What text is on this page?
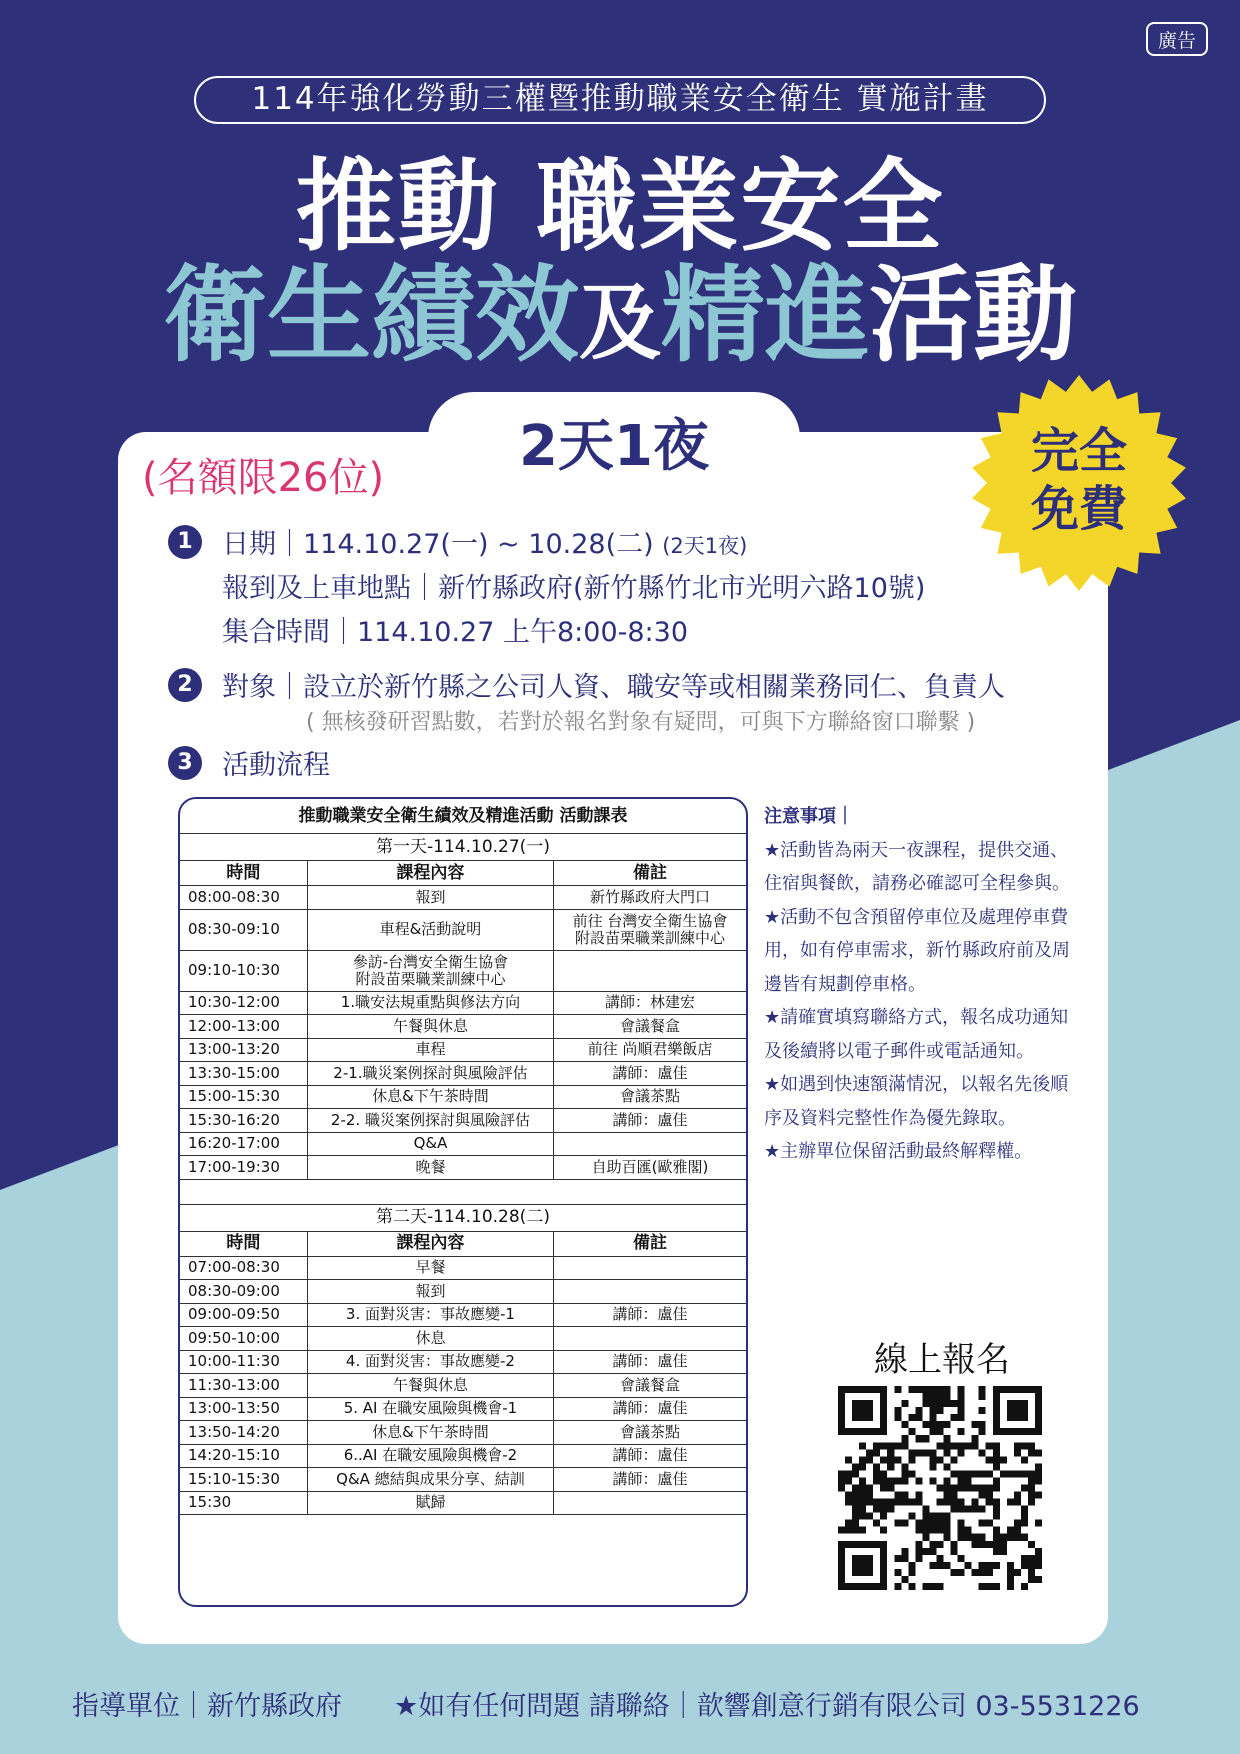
廣告
114年強化勞動三權暨推動職業安全衛生 實施計畫
推動 職業安全
衛生績效及精進活動
2天1夜
(名額限26位)	完全
免費
1	日期｜114.10.27(一) ~ 10.28(二) (2天1夜)
報到及上車地點｜新竹縣政府(新竹縣竹北市光明六路10號)
集合時間｜114.10.27 上午8:00-8:30
2	對象｜設立於新竹縣之公司人資、職安等或相關業務同仁、負責人
( 無核發研習點數，若對於報名對象有疑問，可與下方聯絡窗口聯繫 )
3	活動流程
推動職業安全衛生績效及精進活動 活動課表		
第一天-114.10.27(一)		
時間	課程內容	備註
08:00-08:30	報到	新竹縣政府大門口
08:30-09:10	車程&活動說明	前往 台灣安全衛生協會
附設苗栗職業訓練中心
09:10-10:30	參訪-台灣安全衛生協會
附設苗栗職業訓練中心	
10:30-12:00	1.職安法規重點與修法方向	講師：林建宏
12:00-13:00	午餐與休息	會議餐盒
13:00-13:20	車程	前往 尚順君樂飯店
13:30-15:00	2-1.職災案例探討與風險評估	講師：盧佳
15:00-15:30	休息&下午茶時間	會議茶點
15:30-16:20	2-2. 職災案例探討與風險評估	講師：盧佳
16:20-17:00	Q&A	
17:00-19:30	晚餐	自助百匯(歐雅閣)

第二天-114.10.28(二)		
時間	課程內容	備註
07:00-08:30	早餐	
08:30-09:00	報到	
09:00-09:50	3. 面對災害：事故應變-1	講師：盧佳
09:50-10:00	休息	
10:00-11:30	4. 面對災害：事故應變-2	講師：盧佳
11:30-13:00	午餐與休息	會議餐盒
13:00-13:50	5. AI 在職安風險與機會-1	講師：盧佳
13:50-14:20	休息&下午茶時間	會議茶點
14:20-15:10	6..AI 在職安風險與機會-2	講師：盧佳
15:10-15:30	Q&A 總結與成果分享、結訓	講師：盧佳
15:30	賦歸	
注意事項｜
★活動皆為兩天一夜課程，提供交通、住宿與餐飲，請務必確認可全程參與。
★活動不包含預留停車位及處理停車費用，如有停車需求，新竹縣政府前及周邊皆有規劃停車格。
★請確實填寫聯絡方式，報名成功通知及後續將以電子郵件或電話通知。
★如遇到快速額滿情況，以報名先後順序及資料完整性作為優先錄取。
★主辦單位保留活動最終解釋權。
線上報名
指導單位｜新竹縣政府 ★如有任何問題 請聯絡｜歆響創意行銷有限公司 03-5531226
